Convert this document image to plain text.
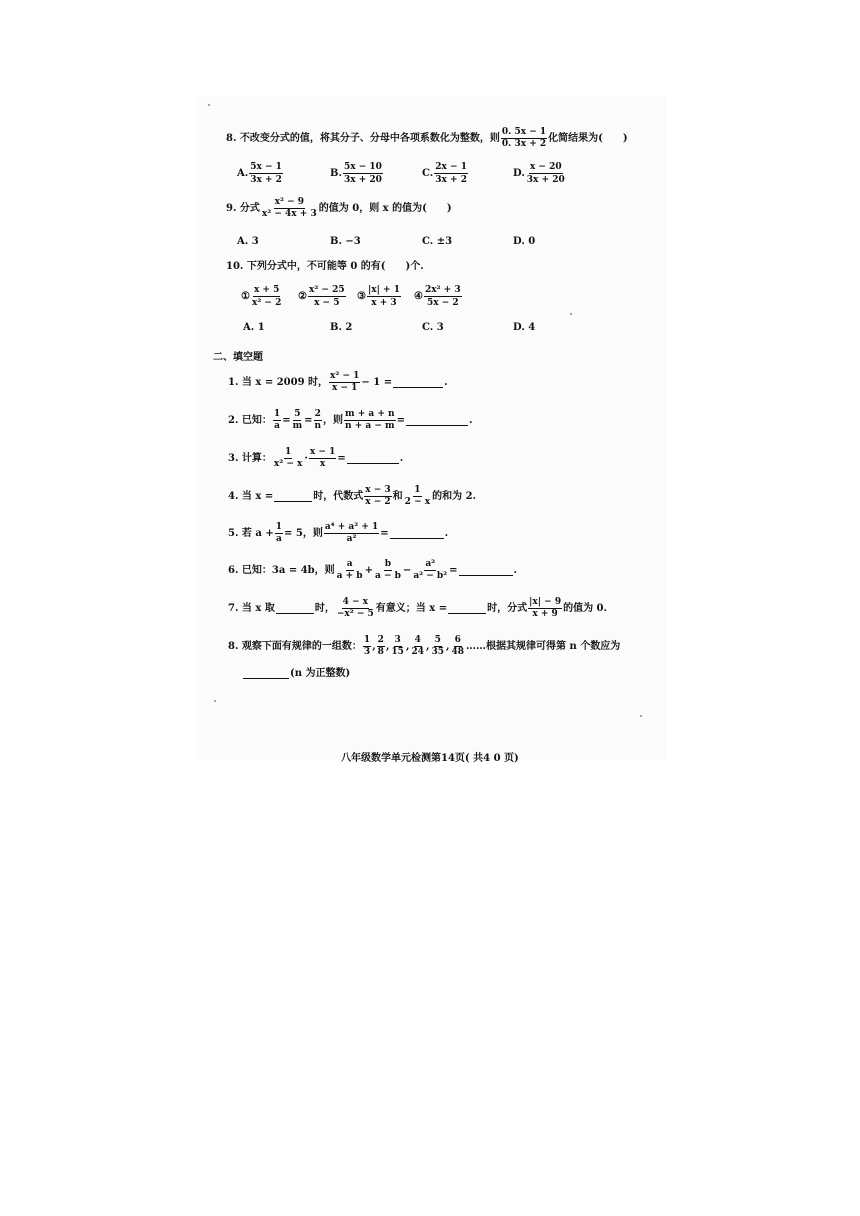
8. 不改变分式的值，将其分子、分母中各项系数化为整数，则 $\frac{0. 5x - 1}{0. 3x + 2}$ 化简结果为(　　)
A. $\frac{5x - 1}{3x + 2}$	B. $\frac{5x - 10}{3x + 20}$	C. $\frac{2x - 1}{3x + 2}$	D. $\frac{x - 20}{3x + 20}$
9. 分式 $\frac{\text{x² − 9}}{\text{x² − 4x + 3}}$ 的值为 0，则 x 的值为(　　)
A. 3	B. −3	C. ±3	D. 0
10. 下列分式中，不可能等 0 的有(　　)个.
① $\frac{x + 5}{\text{x² − 2}}$ ② $\frac{\text{x² − 25}}{x - 5}$ ③ $\frac{|x| + 1}{x + 3}$ ④ $\frac{\text{2x² + 3}}{5x - 2}$
A. 1	B. 2	C. 3	D. 4
二、填空题
1. 当 x = 2009 时， $\frac{\text{x² − 1}}{x - 1} - 1$ =	.
2. 已知： $\frac{1}{a} = \frac{5}{m} = \frac{2}{n}$ ，则 $\frac{m + a + n}{n + a - m}$ =	.
3. 计算： $\frac{1}{\text{x² − x}} \cdot \frac{x - 1}{x}$ =	.
4. 当 x =	时，代数式 $\frac{x - 3}{x - 2}$ 和 $\frac{1}{2 - x}$ 的和为 2.
5. 若 $a + \frac{1}{a} = 5$，则 $\frac{\text{a⁴ + a² + 1}}{\text{a²}}$ =	.
6. 已知：3a = 4b，则 $\frac{a}{a + b} + \frac{b}{a - b} - \frac{\text{a²}}{\text{a² − b²}}$ =	.
7. 当 x 取	时， $\frac{4 - x}{\text{−x² − 5}}$ 有意义；当 x =	时，分式 $\frac{|x| - 9}{x + 9}$ 的值为 0.
8. 观察下面有规律的一组数： $\frac{1}{3}$ , $\frac{2}{8}$ , $\frac{3}{15}$ , $\frac{4}{24}$ , $\frac{5}{35}$ , $\frac{6}{48}$ ……根据其规律可得第 n 个数应为
(n 为正整数)
八年级数学单元检测第14页( 共4 0 页)
